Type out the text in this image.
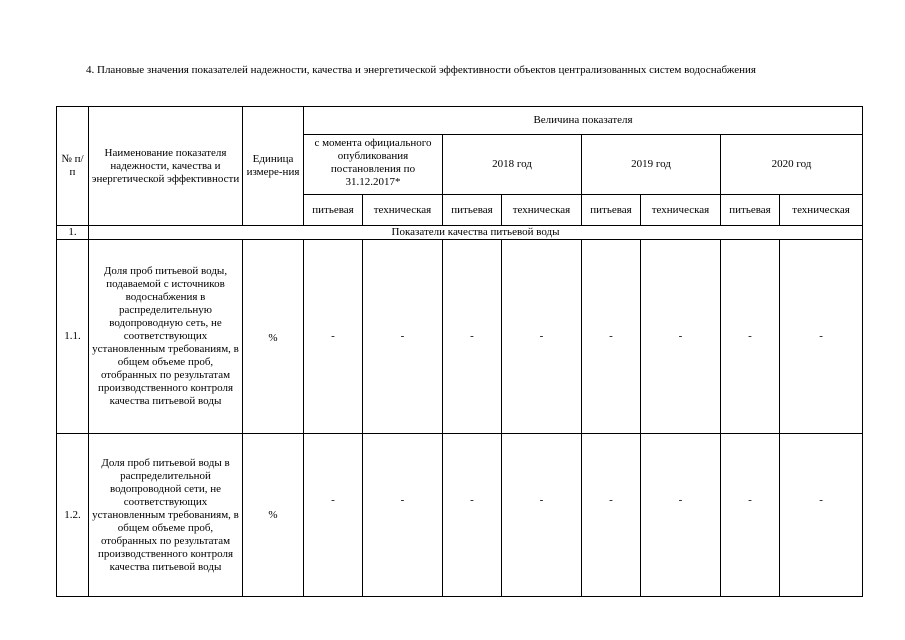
4. Плановые значения показателей надежности, качества и энергетической эффективности объектов централизованных систем водоснабжения
№ п/п	Наименование показателя надежности, качества и энергетической эффективности	Единица измере-ния	Величина показателя							
			с момента официального опубликования постановления по 31.12.2017*		2018 год		2019 год		2020 год	
			питьевая	техническая	питьевая	техническая	питьевая	техническая	питьевая	техническая
1.	Показатели качества питьевой воды									
1.1.	Доля проб питьевой воды, подаваемой с источников водоснабжения в распределительную водопроводную сеть, не соответствующих установленным требованиям, в общем объеме проб, отобранных по результатам производственного контроля качества питьевой воды	%	-	-	-	-	-	-	-	-
1.2.	Доля проб питьевой воды в распределительной водопроводной сети, не соответствующих установленным требованиям, в общем объеме проб, отобранных по результатам производственного контроля качества питьевой воды	%	-	-	-	-	-	-	-	-
